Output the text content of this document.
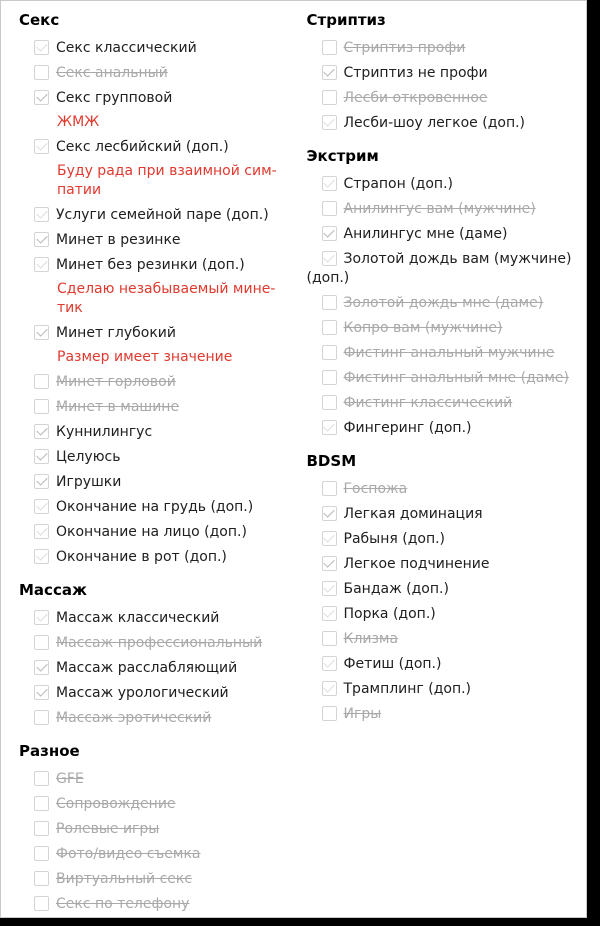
Секс
Секс классический
Секс анальный
Секс групповой
ЖМЖ
Секс лесбийский (доп.)
Буду рада при взаимной сим-патии
Услуги семейной паре (доп.)
Минет в резинке
Минет без резинки (доп.)
Сделаю незабываемый мине-тик
Минет глубокий
Размер имеет значение
Минет горловой
Минет в машине
Куннилингус
Целуюсь
Игрушки
Окончание на грудь (доп.)
Окончание на лицо (доп.)
Окончание в рот (доп.)
Массаж
Массаж классический
Массаж профессиональный
Массаж расслабляющий
Массаж урологический
Массаж эротический
Разное
GFE
Сопровождение
Ролевые игры
Фото/видео съемка
Виртуальный секс
Секс по телефону
Стриптиз
Стриптиз профи
Стриптиз не профи
Лесби откровенное
Лесби-шоу легкое (доп.)
Экстрим
Страпон (доп.)
Анилингус вам (мужчине)
Анилингус мне (даме)
Золотой дождь вам (мужчине) (доп.)
Золотой дождь мне (даме)
Копро вам (мужчине)
Фистинг анальный мужчине
Фистинг анальный мне (даме)
Фистинг классический
Фингеринг (доп.)
BDSM
Госпожа
Легкая доминация
Рабыня (доп.)
Легкое подчинение
Бандаж (доп.)
Порка (доп.)
Клизма
Фетиш (доп.)
Трамплинг (доп.)
Игры
